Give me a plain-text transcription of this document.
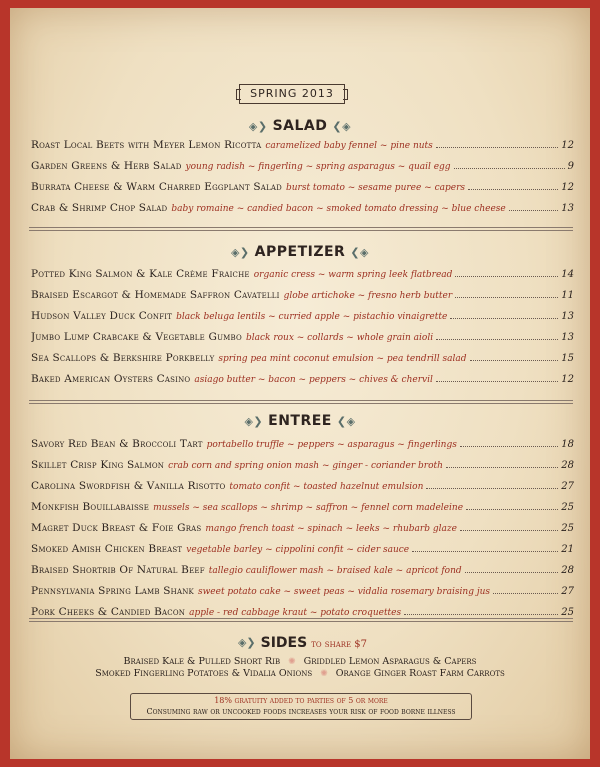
SPRING 2013
◈❯ SALAD ❮◈
Roast Local Beets with Meyer Lemon Ricotta caramelized baby fennel ~ pine nuts	12
Garden Greens & Herb Salad young radish ~ fingerling ~ spring asparagus ~ quail egg	9
Burrata Cheese & Warm Charred Eggplant Salad burst tomato ~ sesame puree ~ capers	12
Crab & Shrimp Chop Salad baby romaine ~ candied bacon ~ smoked tomato dressing ~ blue cheese	13
◈❯ APPETIZER ❮◈
Potted King Salmon & Kale Crème Fraiche organic cress ~ warm spring leek flatbread	14
Braised Escargot & Homemade Saffron Cavatelli globe artichoke ~ fresno herb butter	11
Hudson Valley Duck Confit black beluga lentils ~ curried apple ~ pistachio vinaigrette	13
Jumbo Lump Crabcake & Vegetable Gumbo black roux ~ collards ~ whole grain aioli	13
Sea Scallops & Berkshire Porkbelly spring pea mint coconut emulsion ~ pea tendrill salad	15
Baked American Oysters Casino asiago butter ~ bacon ~ peppers ~ chives & chervil	12
◈❯ ENTREE ❮◈
Savory Red Bean & Broccoli Tart portabello truffle ~ peppers ~ asparagus ~ fingerlings	18
Skillet Crisp King Salmon crab corn and spring onion mash ~ ginger - coriander broth	28
Carolina Swordfish & Vanilla Risotto tomato confit ~ toasted hazelnut emulsion	27
Monkfish Bouillabaisse mussels ~ sea scallops ~ shrimp ~ saffron ~ fennel corn madeleine	25
Magret Duck Breast & Foie Gras mango french toast ~ spinach ~ leeks ~ rhubarb glaze	25
Smoked Amish Chicken Breast vegetable barley ~ cippolini confit ~ cider sauce	21
Braised Shortrib Of Natural Beef tallegio cauliflower mash ~ braised kale ~ apricot fond	28
Pennsylvania Spring Lamb Shank sweet potato cake ~ sweet peas ~ vidalia rosemary braising jus	27
Pork Cheeks & Candied Bacon apple - red cabbage kraut ~ potato croquettes	25
◈❯ SIDES to share $7
Braised Kale & Pulled Short Rib ✺ Griddled Lemon Asparagus & Capers
Smoked Fingerling Potatoes & Vidalia Onions ✺ Orange Ginger Roast Farm Carrots
18% gratuity added to parties of 5 or more
Consuming raw or uncooked foods increases your risk of food borne illness
